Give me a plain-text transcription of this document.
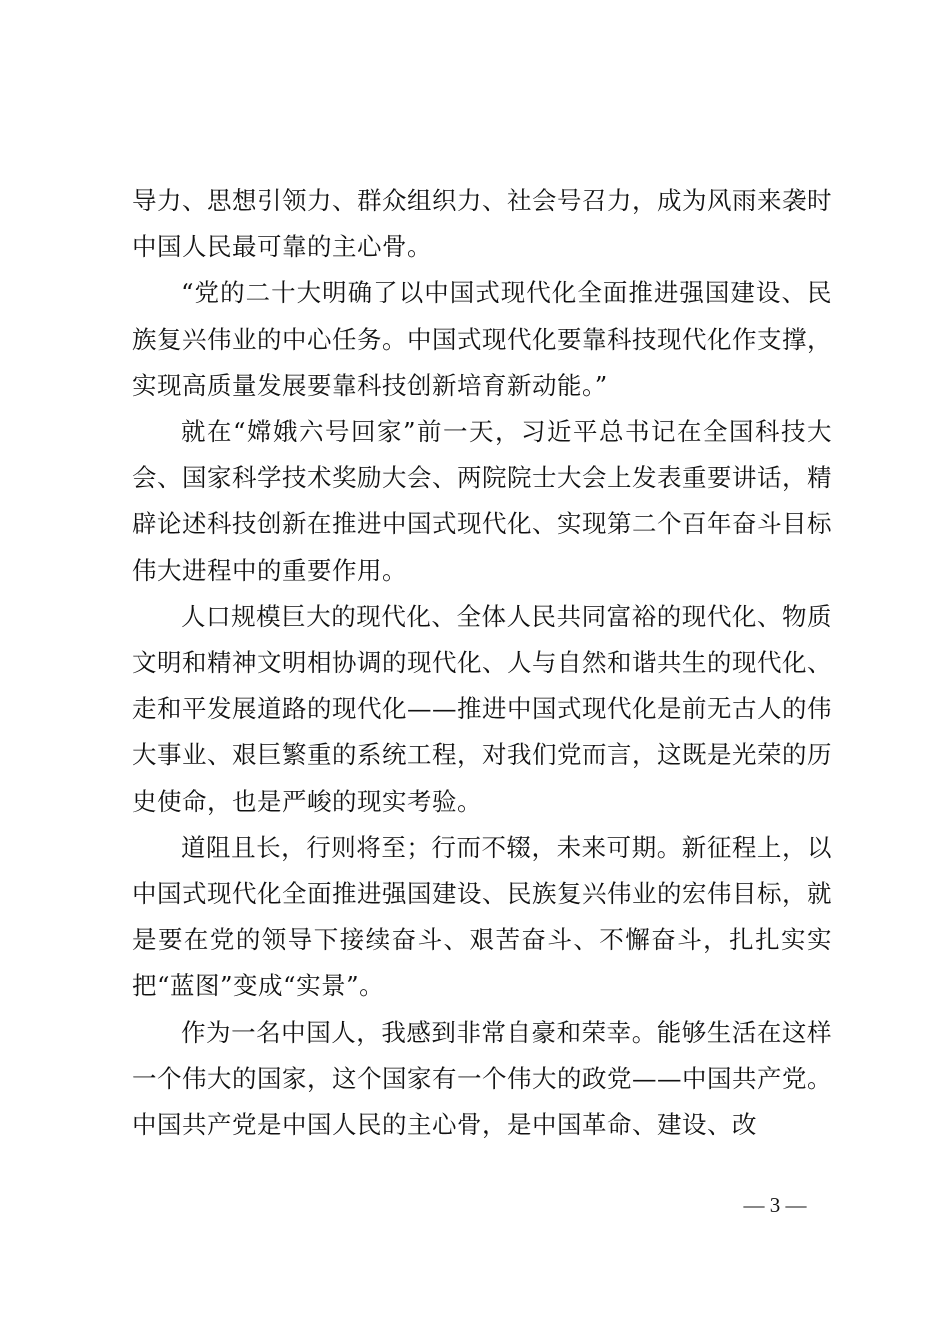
导力、思想引领力、群众组织力、社会号召力，成为风雨来袭时中国人民最可靠的主心骨。

“党的二十大明确了以中国式现代化全面推进强国建设、民族复兴伟业的中心任务。中国式现代化要靠科技现代化作支撑，实现高质量发展要靠科技创新培育新动能。”

就在“嫦娥六号回家”前一天，习近平总书记在全国科技大会、国家科学技术奖励大会、两院院士大会上发表重要讲话，精辟论述科技创新在推进中国式现代化、实现第二个百年奋斗目标伟大进程中的重要作用。

人口规模巨大的现代化、全体人民共同富裕的现代化、物质文明和精神文明相协调的现代化、人与自然和谐共生的现代化、走和平发展道路的现代化——推进中国式现代化是前无古人的伟大事业、艰巨繁重的系统工程，对我们党而言，这既是光荣的历史使命，也是严峻的现实考验。

道阻且长，行则将至；行而不辍，未来可期。新征程上，以中国式现代化全面推进强国建设、民族复兴伟业的宏伟目标，就是要在党的领导下接续奋斗、艰苦奋斗、不懈奋斗，扎扎实实把“蓝图”变成“实景”。

作为一名中国人，我感到非常自豪和荣幸。能够生活在这样一个伟大的国家，这个国家有一个伟大的政党——中国共产党。中国共产党是中国人民的主心骨，是中国革命、建设、改

— 3 —
